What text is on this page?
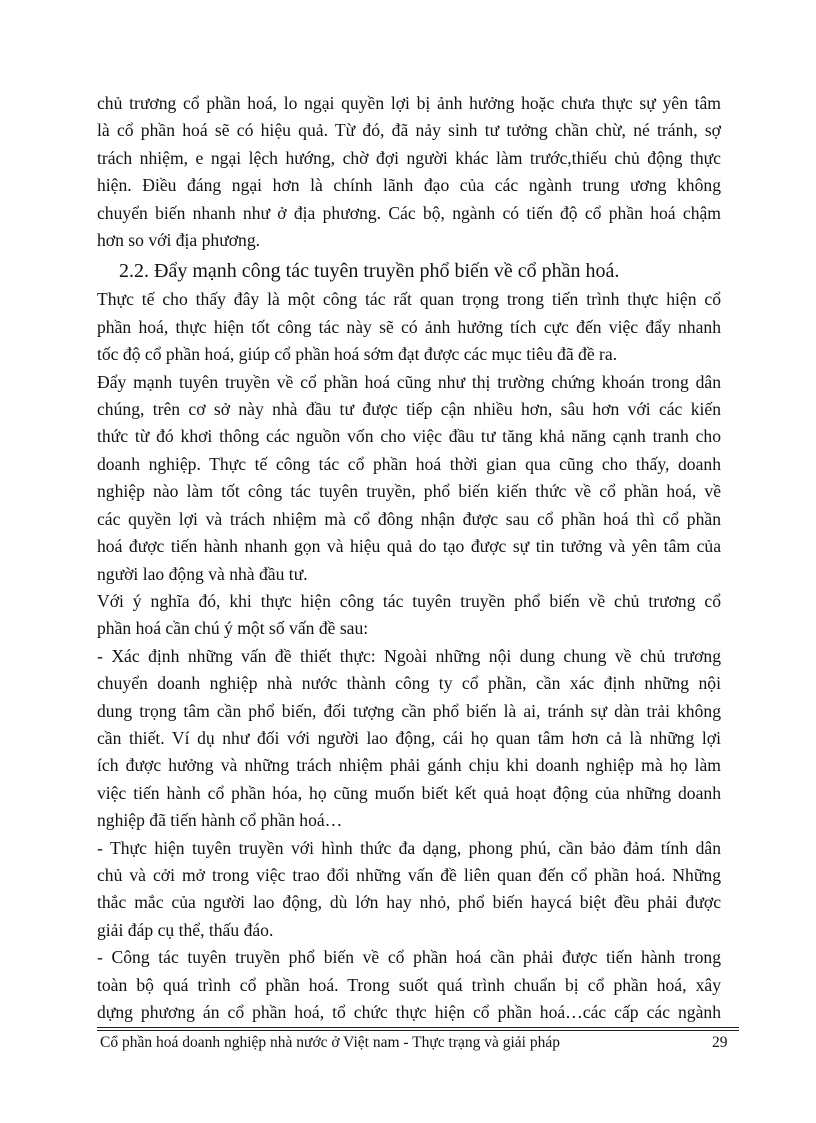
chủ trương cổ phần hoá, lo ngại quyền lợi bị ảnh hưởng hoặc chưa thực sự yên tâm
là cổ phần hoá sẽ có hiệu quả. Từ đó, đã nảy sinh tư tưởng chần chừ, né tránh, sợ
trách nhiệm, e ngại lệch hướng, chờ đợi người khác làm trước,thiếu chủ động thực
hiện. Điều đáng ngại hơn là chính lãnh đạo của các ngành trung ương không
chuyển biến nhanh như ở địa phương. Các bộ, ngành có tiến độ cổ phần hoá chậm
hơn so với địa phương.
2.2. Đẩy mạnh công tác tuyên truyền phổ biến về cổ phần hoá.
Thực tế cho thấy đây là một công tác rất quan trọng trong tiến trình thực hiện cổ
phần hoá, thực hiện tốt công tác này sẽ có ảnh hưởng tích cực đến việc đẩy nhanh
tốc độ cổ phần hoá, giúp cổ phần hoá sớm đạt được các mục tiêu đã đề ra.
Đẩy mạnh tuyên truyền về cổ phần hoá cũng như thị trường chứng khoán trong dân
chúng, trên cơ sở này nhà đầu tư được tiếp cận nhiều hơn, sâu hơn với các kiến
thức từ đó khơi thông các nguồn vốn cho việc đầu tư tăng khả năng cạnh tranh cho
doanh nghiệp. Thực tế công tác cổ phần hoá thời gian qua cũng cho thấy, doanh
nghiệp nào làm tốt công tác tuyên truyền, phổ biến kiến thức về cổ phần hoá, về
các quyền lợi và trách nhiệm mà cổ đông nhận được sau cổ phần hoá thì cổ phần
hoá được tiến hành nhanh gọn và hiệu quả do tạo được sự tin tưởng và yên tâm của
người lao động và nhà đầu tư.
Với ý nghĩa đó, khi thực hiện công tác tuyên truyền phổ biến về chủ trương cổ
phần hoá cần chú ý một số vấn đề sau:
- Xác định những vấn đề thiết thực: Ngoài những nội dung chung về chủ trương
chuyển doanh nghiệp nhà nước thành công ty cổ phần, cần xác định những nội
dung trọng tâm cần phổ biến, đối tượng cần phổ biến là ai, tránh sự dàn trải không
cần thiết. Ví dụ như đối với người lao động, cái họ quan tâm hơn cả là những lợi
ích được hưởng và những trách nhiệm phải gánh chịu khi doanh nghiệp mà họ làm
việc tiến hành cổ phần hóa, họ cũng muốn biết kết quả hoạt động của những doanh
nghiệp đã tiến hành cổ phần hoá…
- Thực hiện tuyên truyền với hình thức đa dạng, phong phú, cần bảo đảm tính dân
chủ và cởi mở trong việc trao đổi những vấn đề liên quan đến cổ phần hoá. Những
thắc mắc của người lao động, dù lớn hay nhỏ, phổ biến haycá biệt đều phải được
giải đáp cụ thể, thấu đáo.
- Công tác tuyên truyền phổ biến về cổ phần hoá cần phải được tiến hành trong
toàn bộ quá trình cổ phần hoá. Trong suốt quá trình chuẩn bị cổ phần hoá, xây
dựng phương án cổ phần hoá, tổ chức thực hiện cổ phần hoá…các cấp các ngành
Cổ phần hoá doanh nghiệp nhà nước ở Việt nam - Thực trạng và giải pháp	29
